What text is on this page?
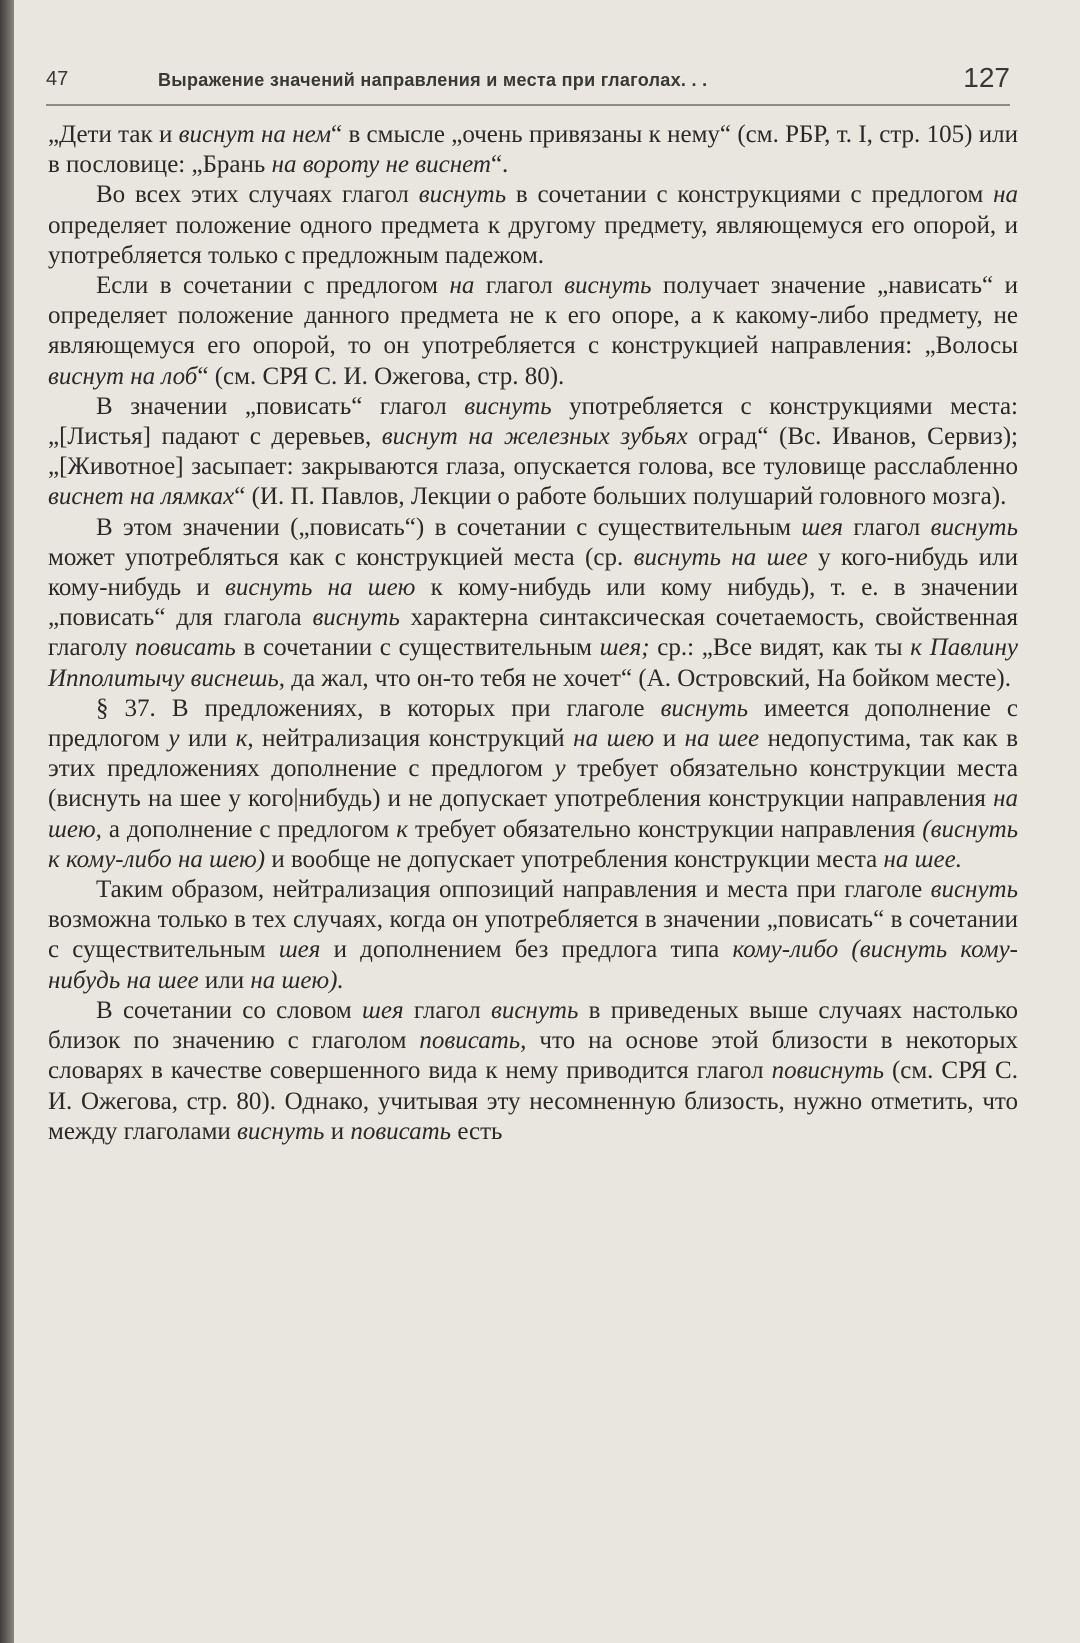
47	Выражение значений направления и места при глаголах. . .	127

„Дети так и виснут на нем“ в смысле „очень привязаны к нему“ (см. РБР, т. I, стр. 105) или в пословице: „Брань на вороту не виснет“.

Во всех этих случаях глагол виснуть в сочетании с конструкциями с предлогом на определяет положение одного предмета к другому предмету, являющемуся его опорой, и употребляется только с предложным падежом.

Если в сочетании с предлогом на глагол виснуть получает значение „нависать“ и определяет положение данного предмета не к его опоре, а к какому-либо предмету, не являющемуся его опорой, то он употребляется с конструкцией направления: „Волосы виснут на лоб“ (см. СРЯ С. И. Ожегова, стр. 80).

В значении „повисать“ глагол виснуть употребляется с конструкциями места: „[Листья] падают с деревьев, виснут на железных зубьях оград“ (Вс. Иванов, Сервиз); „[Животное] засыпает: закрываются глаза, опускается голова, все туловище расслабленно виснет на лямках“ (И. П. Павлов, Лекции о работе больших полушарий головного мозга).

В этом значении („повисать“) в сочетании с существительным шея глагол виснуть может употребляться как с конструкцией места (ср. виснуть на шее у кого-нибудь или кому-нибудь и виснуть на шею к кому-нибудь или кому нибудь), т. е. в значении „повисать“ для глагола виснуть характерна синтаксическая сочетаемость, свойственная глаголу повисать в сочетании с существительным шея; ср.: „Все видят, как ты к Павлину Ипполитычу виснешь, да жал, что он-то тебя не хочет“ (А. Островский, На бойком месте).

§ 37. В предложениях, в которых при глаголе виснуть имеется дополнение с предлогом у или к, нейтрализация конструкций на шею и на шее недопустима, так как в этих предложениях дополнение с предлогом у требует обязательно конструкции места (виснуть на шее у кого|нибудь) и не допускает употребления конструкции направления на шею, а дополнение с предлогом к требует обязательно конструкции направления (виснуть к кому-либо на шею) и вообще не допускает употребления конструкции места на шее.

Таким образом, нейтрализация оппозиций направления и места при глаголе виснуть возможна только в тех случаях, когда он употребляется в значении „повисать“ в сочетании с существительным шея и дополнением без предлога типа кому-либо (виснуть кому-нибудь на шее или на шею).

В сочетании со словом шея глагол виснуть в приведеных выше случаях настолько близок по значению с глаголом повисать, что на основе этой близости в некоторых словарях в качестве совершенного вида к нему приводится глагол повиснуть (см. СРЯ С. И. Ожегова, стр. 80). Однако, учитывая эту несомненную близость, нужно отметить, что между глаголами виснуть и повисать есть
